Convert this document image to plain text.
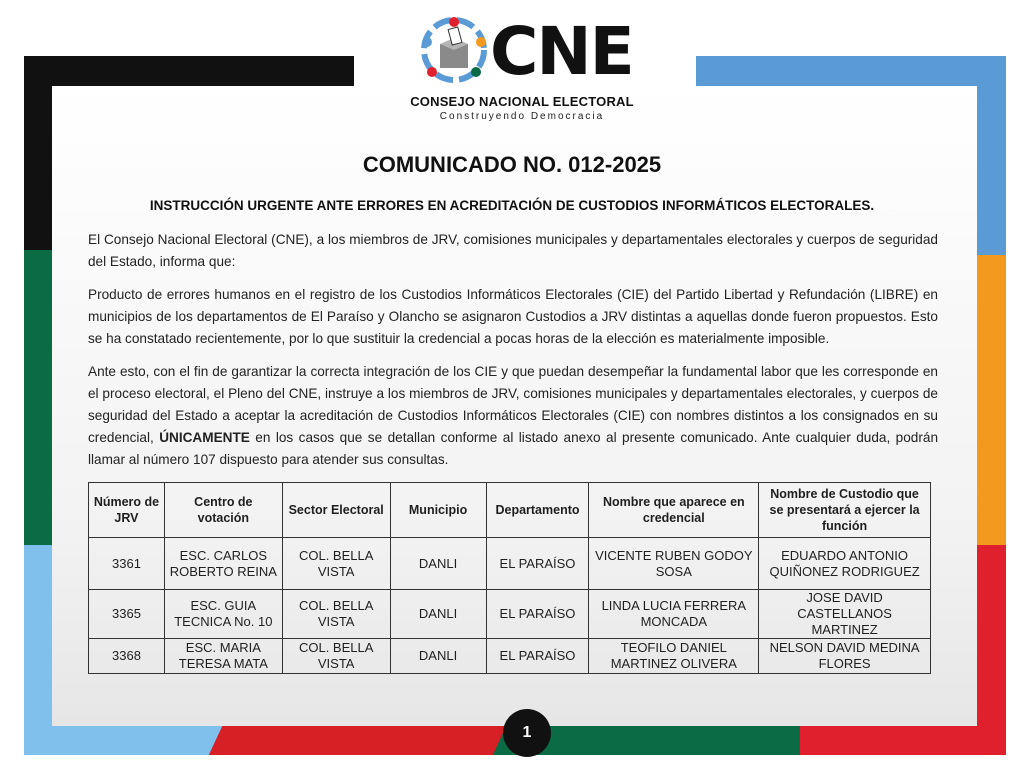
CNE
CONSEJO NACIONAL ELECTORAL
Construyendo Democracia
COMUNICADO NO. 012-2025
INSTRUCCIÓN URGENTE ANTE ERRORES EN ACREDITACIÓN DE CUSTODIOS INFORMÁTICOS ELECTORALES.

El Consejo Nacional Electoral (CNE), a los miembros de JRV, comisiones municipales y departamentales electorales y cuerpos de seguridad del Estado, informa que:

Producto de errores humanos en el registro de los Custodios Informáticos Electorales (CIE) del Partido Libertad y Refundación (LIBRE) en municipios de los departamentos de El Paraíso y Olancho se asignaron Custodios a JRV distintas a aquellas donde fueron propuestos. Esto se ha constatado recientemente, por lo que sustituir la credencial a pocas horas de la elección es materialmente imposible.

Ante esto, con el fin de garantizar la correcta integración de los CIE y que puedan desempeñar la fundamental labor que les corresponde en el proceso electoral, el Pleno del CNE, instruye a los miembros de JRV, comisiones municipales y departamentales electorales, y cuerpos de seguridad del Estado a aceptar la acreditación de Custodios Informáticos Electorales (CIE) con nombres distintos a los consignados en su credencial, ÚNICAMENTE en los casos que se detallan conforme al listado anexo al presente comunicado. Ante cualquier duda, podrán llamar al número 107 dispuesto para atender sus consultas.

Número de JRV	Centro de votación	Sector Electoral	Municipio	Departamento	Nombre que aparece en credencial	Nombre de Custodio que se presentará a ejercer la función
3361	ESC. CARLOS ROBERTO REINA	COL. BELLA VISTA	DANLI	EL PARAÍSO	VICENTE RUBEN GODOY SOSA	EDUARDO ANTONIO QUIÑONEZ RODRIGUEZ
3365	ESC. GUIA TECNICA No. 10	COL. BELLA VISTA	DANLI	EL PARAÍSO	LINDA LUCIA FERRERA MONCADA	JOSE DAVID CASTELLANOS MARTINEZ
3368	ESC. MARIA TERESA MATA	COL. BELLA VISTA	DANLI	EL PARAÍSO	TEOFILO DANIEL MARTINEZ OLIVERA	NELSON DAVID MEDINA FLORES
1
